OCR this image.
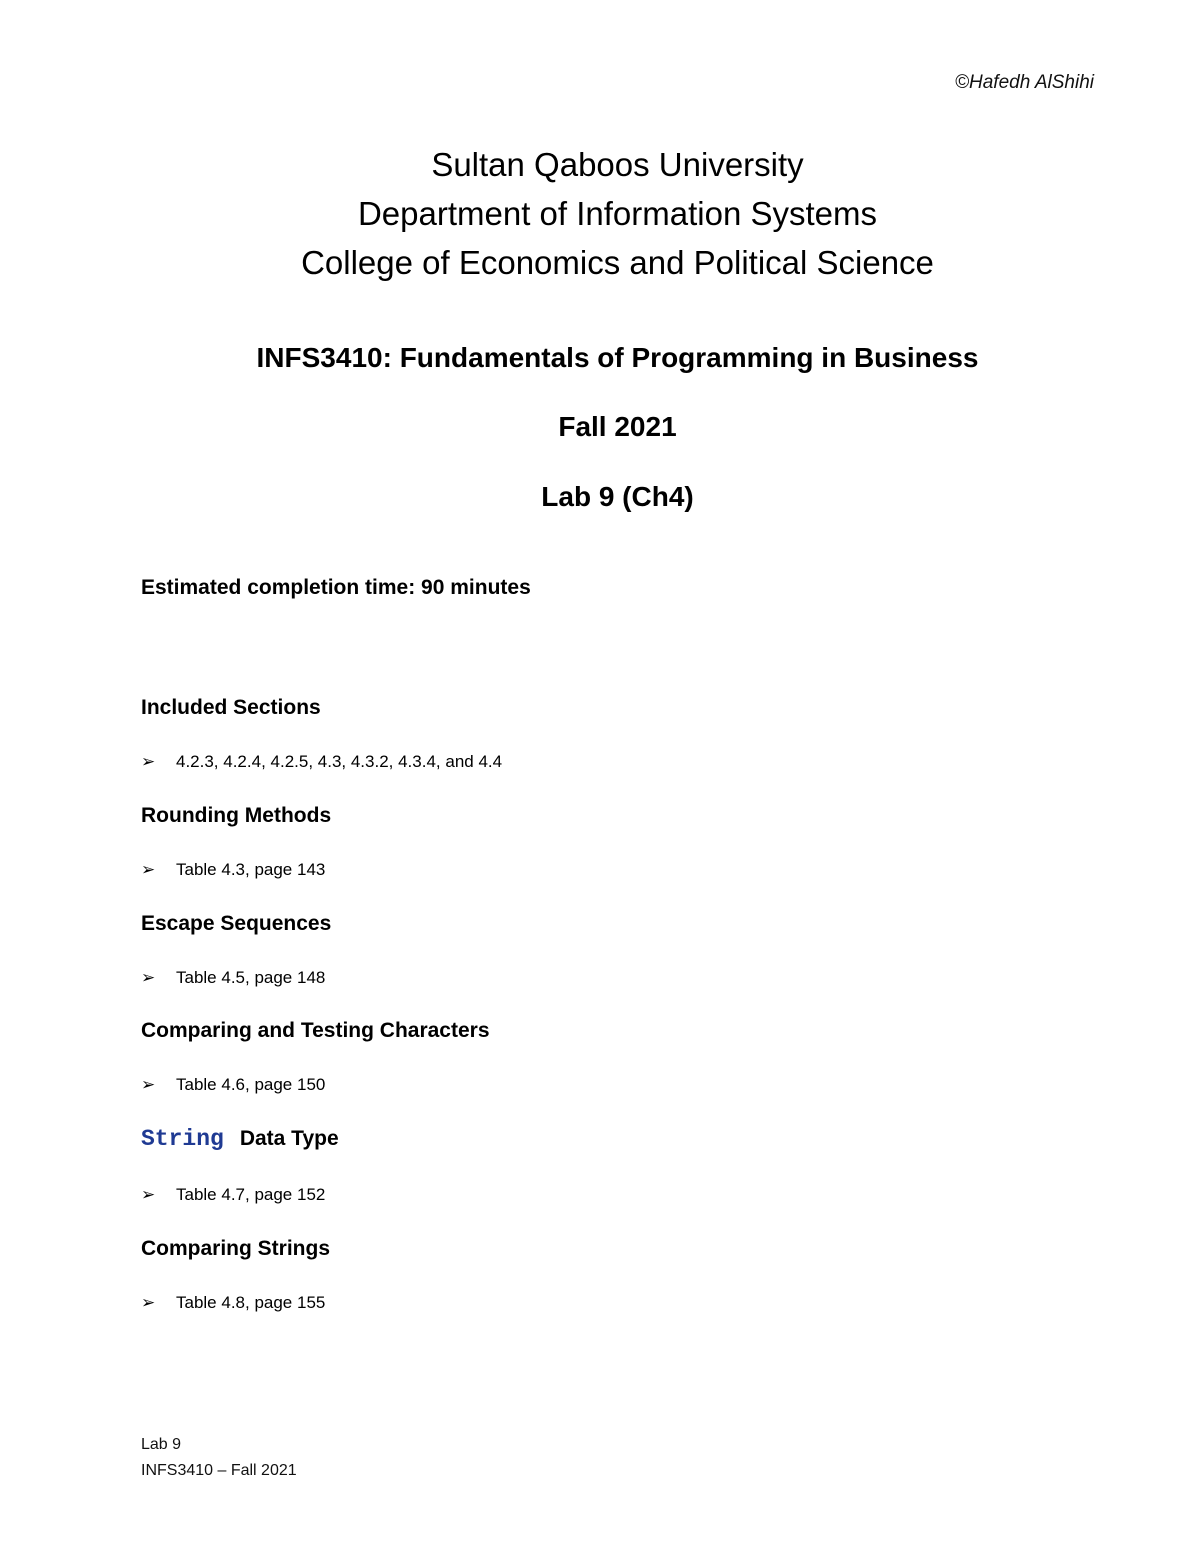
©Hafedh AlShihi

Sultan Qaboos University

Department of Information Systems

College of Economics and Political Science

INFS3410: Fundamentals of Programming in Business

Fall 2021

Lab 9 (Ch4)

Estimated completion time: 90 minutes

Included Sections

➢	4.2.3, 4.2.4, 4.2.5, 4.3, 4.3.2, 4.3.4, and 4.4

Rounding Methods

➢	Table 4.3, page 143

Escape Sequences

➢	Table 4.5, page 148

Comparing and Testing Characters

➢	Table 4.6, page 150

String Data Type

➢	Table 4.7, page 152

Comparing Strings

➢	Table 4.8, page 155
Lab 9
INFS3410 – Fall 2021
